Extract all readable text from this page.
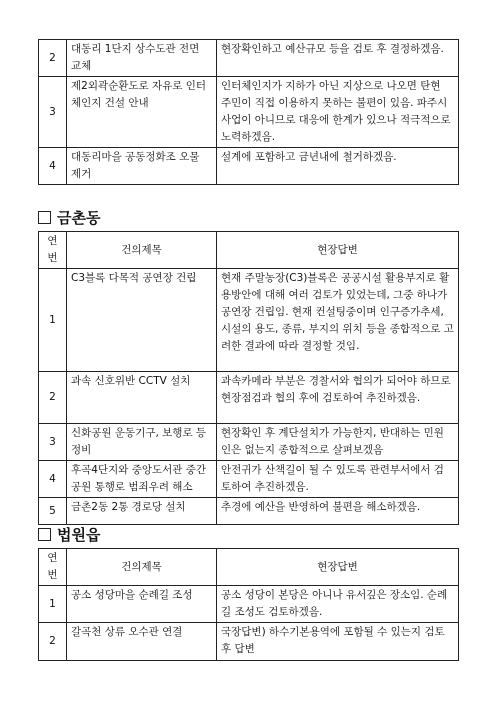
2	대동리 1단지 상수도관 전면 교체	현장확인하고 예산규모 등을 검토 후 결정하겠음.
3	제2외곽순환도로 자유로 인터체인지 건설 안내	인터체인지가 지하가 아닌 지상으로 나오면 탄현 주민이 직접 이용하지 못하는 불편이 있음. 파주시 사업이 아니므로 대응에 한계가 있으나 적극적으로 노력하겠음.
4	대동리마을 공동정화조 오물 제거	설계에 포함하고 금년내에 철거하겠음.
금촌동
연번	건의제목	현장답변
1	C3블록 다목적 공연장 건립	현재 주말농장(C3)블록은 공공시설 활용부지로 활용방안에 대해 여러 검토가 있었는데, 그중 하나가 공연장 건립임. 현재 컨설팅중이며 인구증가추세, 시설의 용도, 종류, 부지의 위치 등을 종합적으로 고려한 결과에 따라 결정할 것임.
2	과속 신호위반 CCTV 설치	과속카메라 부분은 경찰서와 협의가 되어야 하므로 현장점검과 협의 후에 검토하여 추진하겠음.
3	신화공원 운동기구, 보행로 등 정비	현장확인 후 계단설치가 가능한지, 반대하는 민원인은 없는지 종합적으로 살펴보겠음
4	후곡4단지와 중앙도서관 중간 공원 통행로 범죄우려 해소	안전귀가 산책길이 될 수 있도록 관련부서에서 검토하여 추진하겠음.
5	금촌2동 2통 경로당 설치	추경에 예산을 반영하여 불편을 해소하겠음.
법원읍
연번	건의제목	현장답변
1	공소 성당마을 순례길 조성	공소 성당이 본당은 아니나 유서깊은 장소임. 순례길 조성도 검토하겠음.
2	갈곡천 상류 오수관 연결	국장답변) 하수기본용역에 포함될 수 있는지 검토후 답변
